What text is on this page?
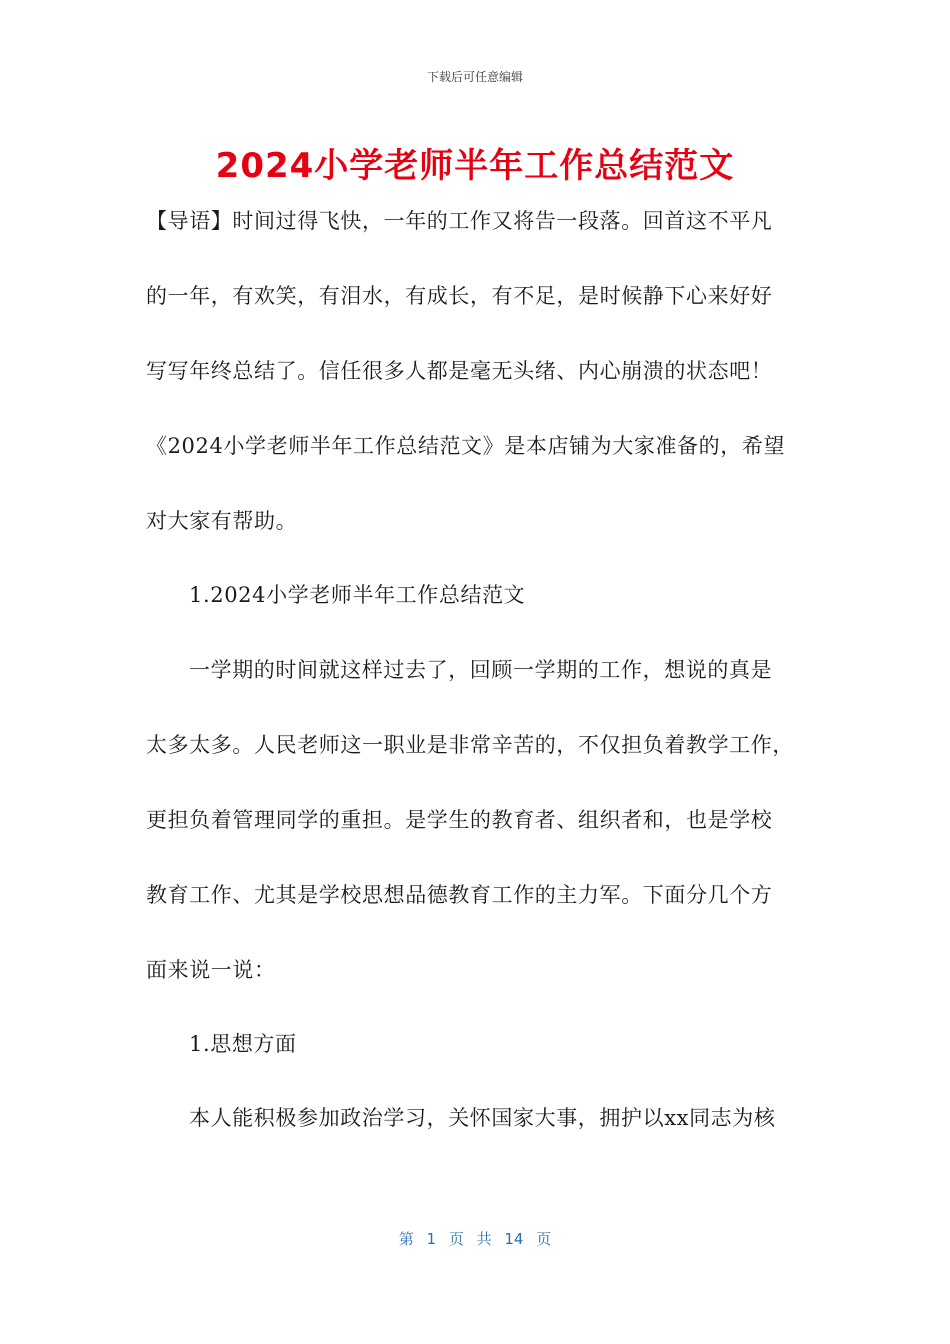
下载后可任意编辑
2024小学老师半年工作总结范文
【导语】时间过得飞快，一年的工作又将告一段落。回首这不平凡
的一年，有欢笑，有泪水，有成长，有不足，是时候静下心来好好
写写年终总结了。信任很多人都是毫无头绪、内心崩溃的状态吧！
《2024小学老师半年工作总结范文》是本店铺为大家准备的，希望
对大家有帮助。
1.2024小学老师半年工作总结范文
一学期的时间就这样过去了，回顾一学期的工作，想说的真是
太多太多。人民老师这一职业是非常辛苦的，不仅担负着教学工作，
更担负着管理同学的重担。是学生的教育者、组织者和，也是学校
教育工作、尤其是学校思想品德教育工作的主力军。下面分几个方
面来说一说：
1.思想方面
本人能积极参加政治学习，关怀国家大事，拥护以xx同志为核
第 1 页 共 14 页
